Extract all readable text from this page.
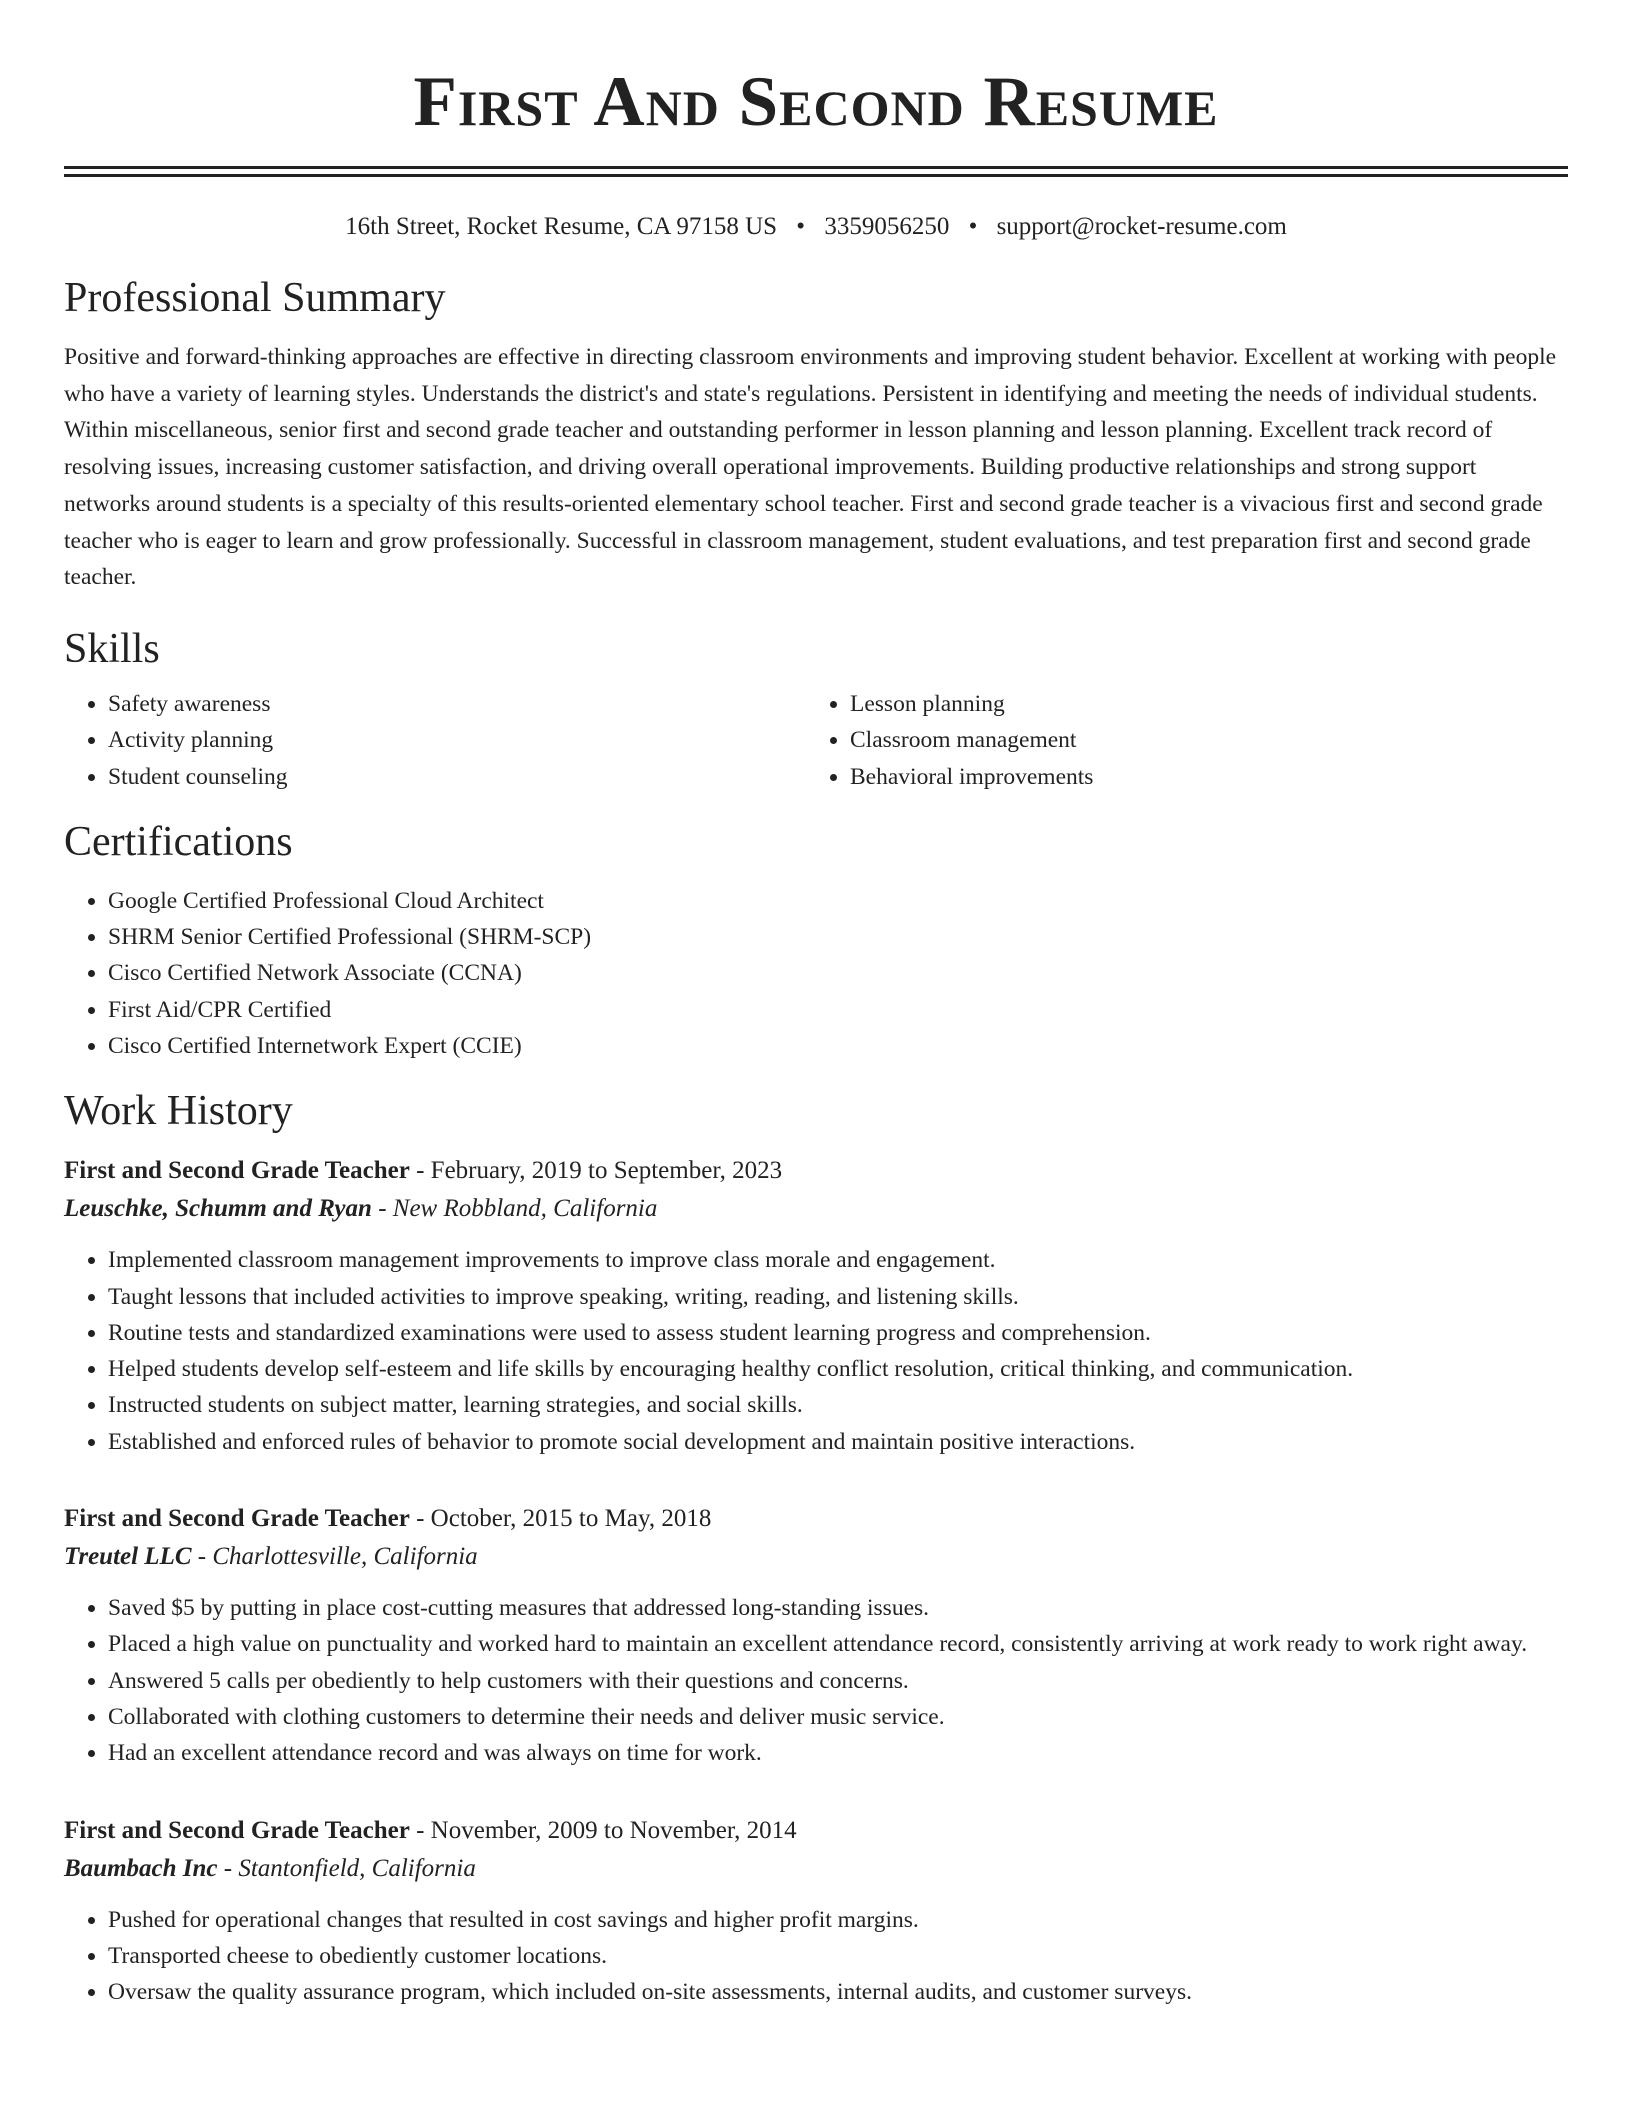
First And Second Resume
16th Street, Rocket Resume, CA 97158 US • 3359056250 • support@rocket-resume.com
Professional Summary

Positive and forward-thinking approaches are effective in directing classroom environments and improving student behavior. Excellent at working with people who have a variety of learning styles. Understands the district's and state's regulations. Persistent in identifying and meeting the needs of individual students. Within miscellaneous, senior first and second grade teacher and outstanding performer in lesson planning and lesson planning. Excellent track record of resolving issues, increasing customer satisfaction, and driving overall operational improvements. Building productive relationships and strong support networks around students is a specialty of this results-oriented elementary school teacher. First and second grade teacher is a vivacious first and second grade teacher who is eager to learn and grow professionally. Successful in classroom management, student evaluations, and test preparation first and second grade teacher.

Skills
• Safety awareness
• Activity planning
• Student counseling
• Lesson planning
• Classroom management
• Behavioral improvements
Certifications
• Google Certified Professional Cloud Architect
• SHRM Senior Certified Professional (SHRM-SCP)
• Cisco Certified Network Associate (CCNA)
• First Aid/CPR Certified
• Cisco Certified Internetwork Expert (CCIE)
Work History
First and Second Grade Teacher - February, 2019 to September, 2023
Leuschke, Schumm and Ryan - New Robbland, California
• Implemented classroom management improvements to improve class morale and engagement.
• Taught lessons that included activities to improve speaking, writing, reading, and listening skills.
• Routine tests and standardized examinations were used to assess student learning progress and comprehension.
• Helped students develop self-esteem and life skills by encouraging healthy conflict resolution, critical thinking, and communication.
• Instructed students on subject matter, learning strategies, and social skills.
• Established and enforced rules of behavior to promote social development and maintain positive interactions.
First and Second Grade Teacher - October, 2015 to May, 2018
Treutel LLC - Charlottesville, California
• Saved $5 by putting in place cost-cutting measures that addressed long-standing issues.
• Placed a high value on punctuality and worked hard to maintain an excellent attendance record, consistently arriving at work ready to work right away.
• Answered 5 calls per obediently to help customers with their questions and concerns.
• Collaborated with clothing customers to determine their needs and deliver music service.
• Had an excellent attendance record and was always on time for work.
First and Second Grade Teacher - November, 2009 to November, 2014
Baumbach Inc - Stantonfield, California
• Pushed for operational changes that resulted in cost savings and higher profit margins.
• Transported cheese to obediently customer locations.
• Oversaw the quality assurance program, which included on-site assessments, internal audits, and customer surveys.
